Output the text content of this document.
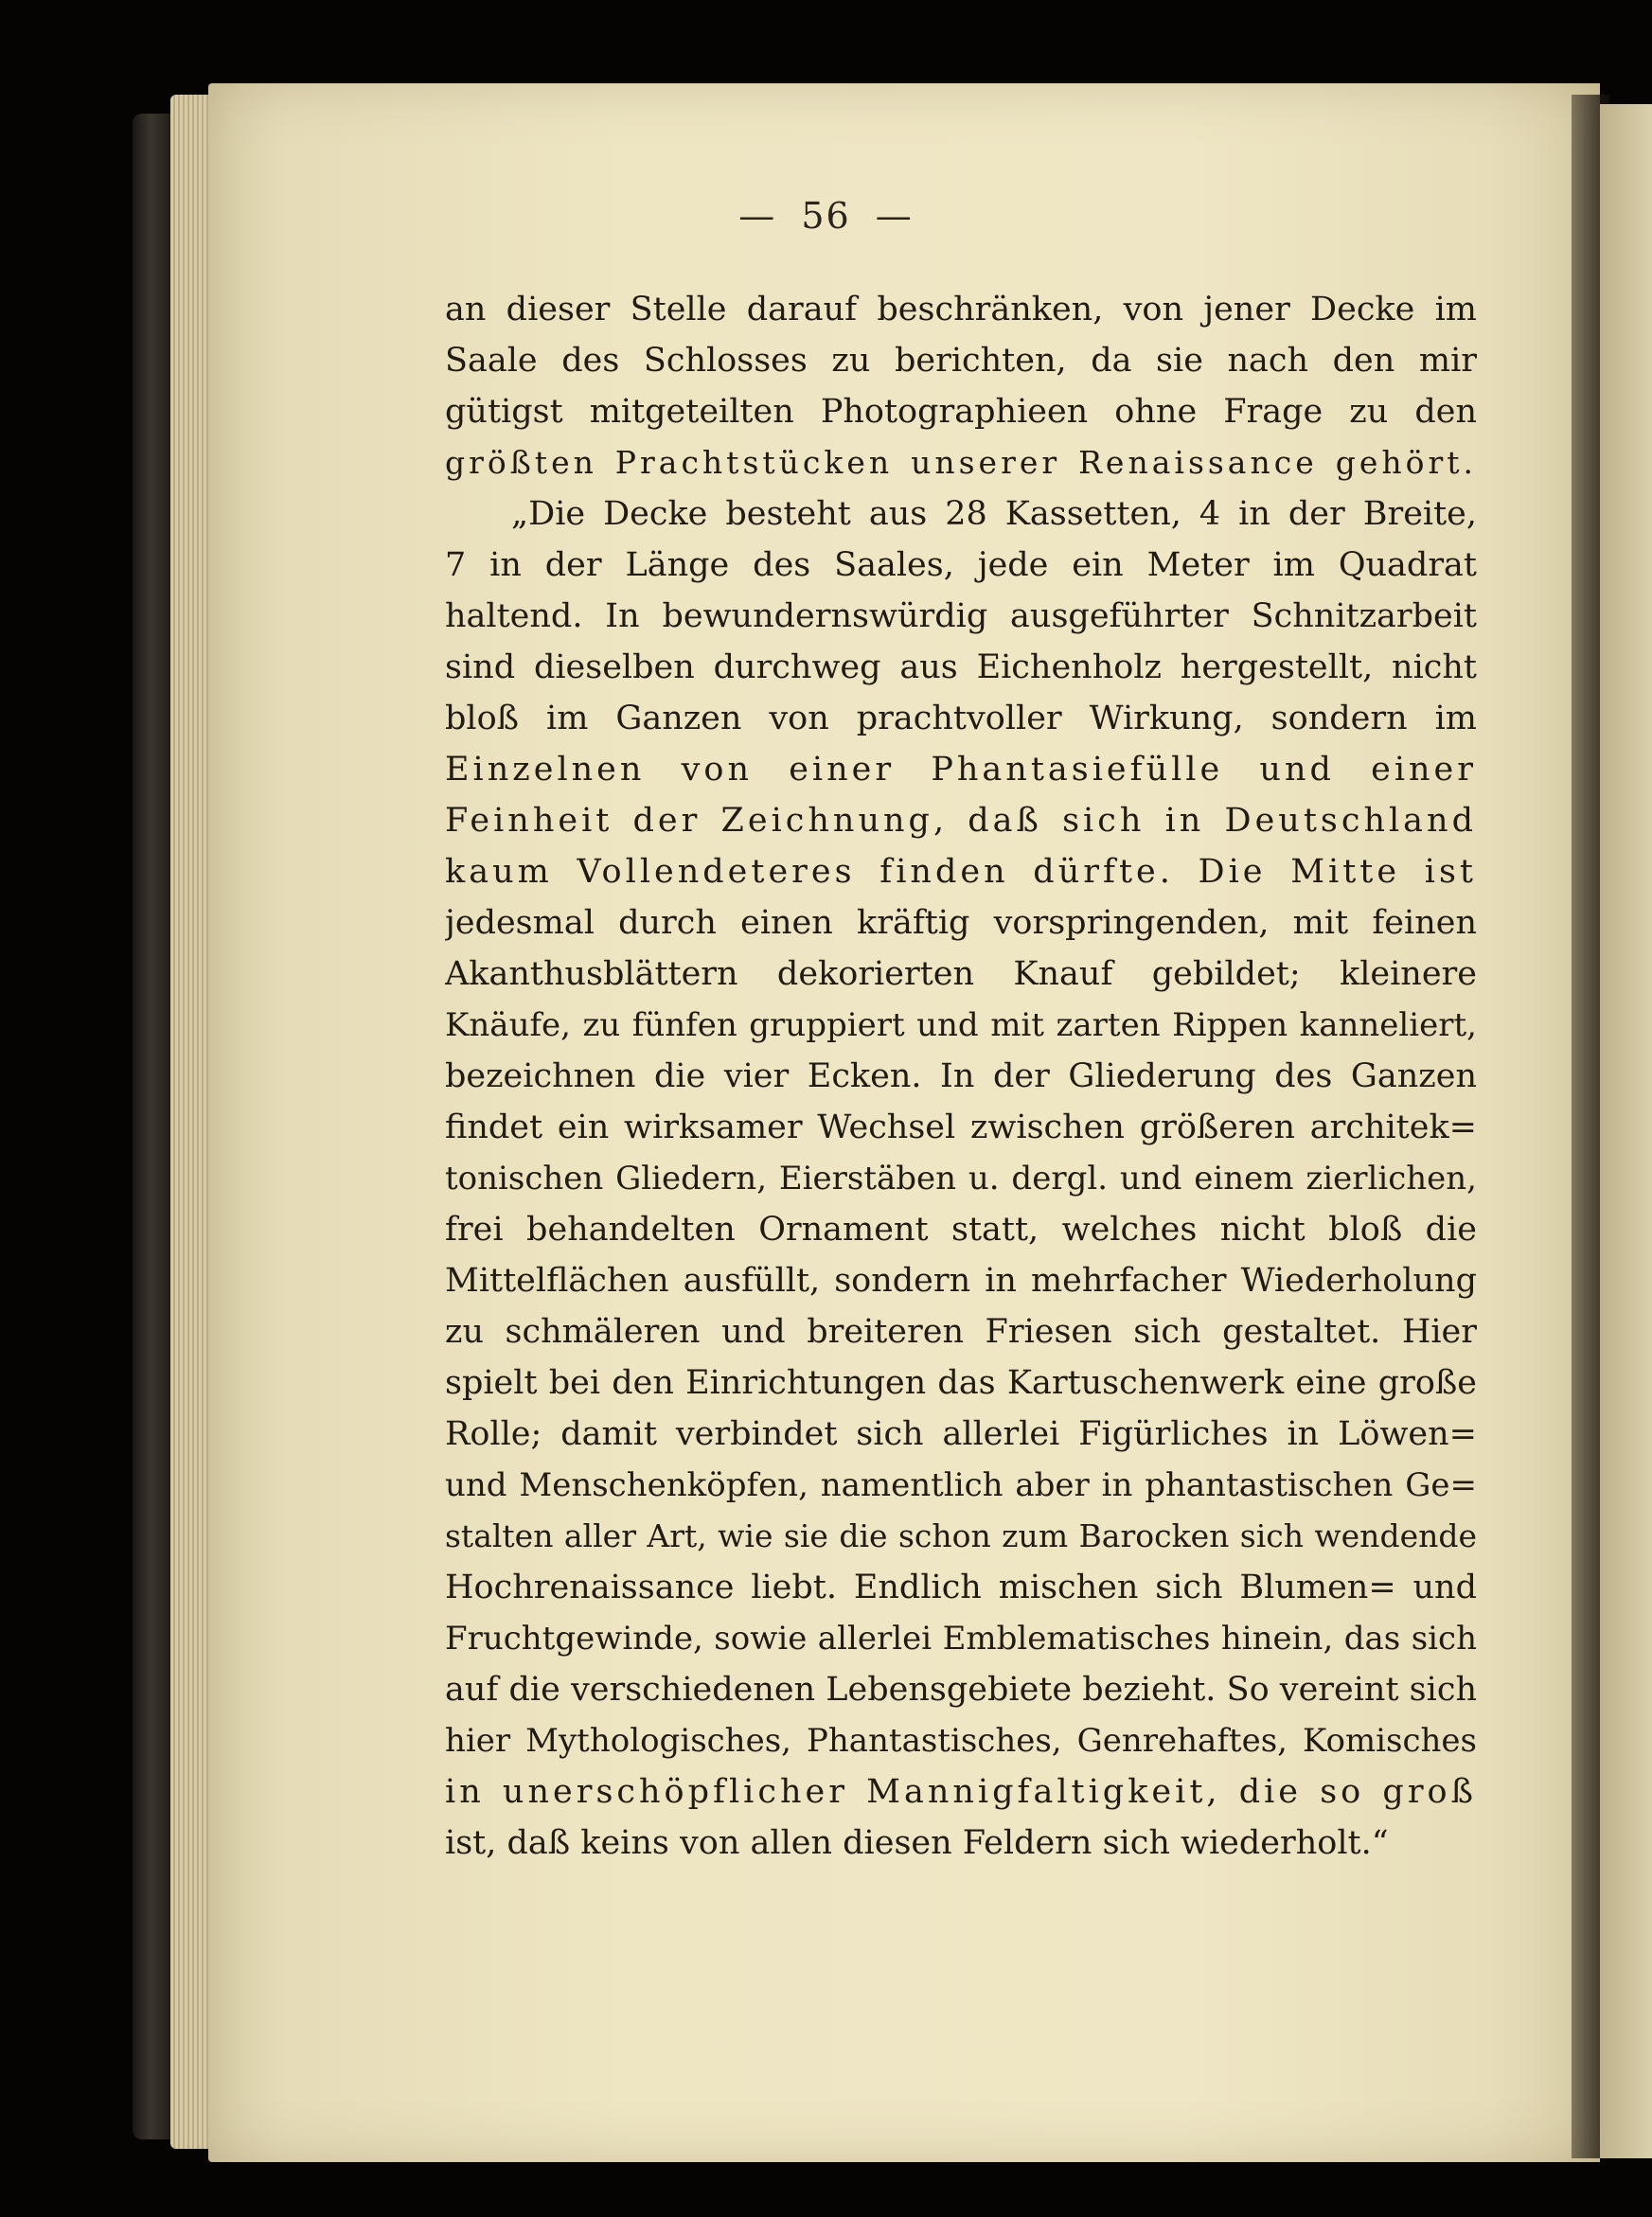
— 56 —
an dieser Stelle darauf beschränken, von jener Decke im
Saale des Schlosses zu berichten, da sie nach den mir
gütigst mitgeteilten Photographieen ohne Frage zu den
größten Prachtstücken unserer Renaissance gehört.
„Die Decke besteht aus 28 Kassetten, 4 in der Breite,
7 in der Länge des Saales, jede ein Meter im Quadrat
haltend. In bewundernswürdig ausgeführter Schnitzarbeit
sind dieselben durchweg aus Eichenholz hergestellt, nicht
bloß im Ganzen von prachtvoller Wirkung, sondern im
Einzelnen von einer Phantasiefülle und einer
Feinheit der Zeichnung, daß sich in Deutschland
kaum Vollendeteres finden dürfte. Die Mitte ist
jedesmal durch einen kräftig vorspringenden, mit feinen
Akanthusblättern dekorierten Knauf gebildet; kleinere
Knäufe, zu fünfen gruppiert und mit zarten Rippen kanneliert,
bezeichnen die vier Ecken. In der Gliederung des Ganzen
findet ein wirksamer Wechsel zwischen größeren architek=
tonischen Gliedern, Eierstäben u. dergl. und einem zierlichen,
frei behandelten Ornament statt, welches nicht bloß die
Mittelflächen ausfüllt, sondern in mehrfacher Wiederholung
zu schmäleren und breiteren Friesen sich gestaltet. Hier
spielt bei den Einrichtungen das Kartuschenwerk eine große
Rolle; damit verbindet sich allerlei Figürliches in Löwen=
und Menschenköpfen, namentlich aber in phantastischen Ge=
stalten aller Art, wie sie die schon zum Barocken sich wendende
Hochrenaissance liebt. Endlich mischen sich Blumen= und
Fruchtgewinde, sowie allerlei Emblematisches hinein, das sich
auf die verschiedenen Lebensgebiete bezieht. So vereint sich
hier Mythologisches, Phantastisches, Genrehaftes, Komisches
in unerschöpflicher Mannigfaltigkeit, die so groß
ist, daß keins von allen diesen Feldern sich wiederholt.“
